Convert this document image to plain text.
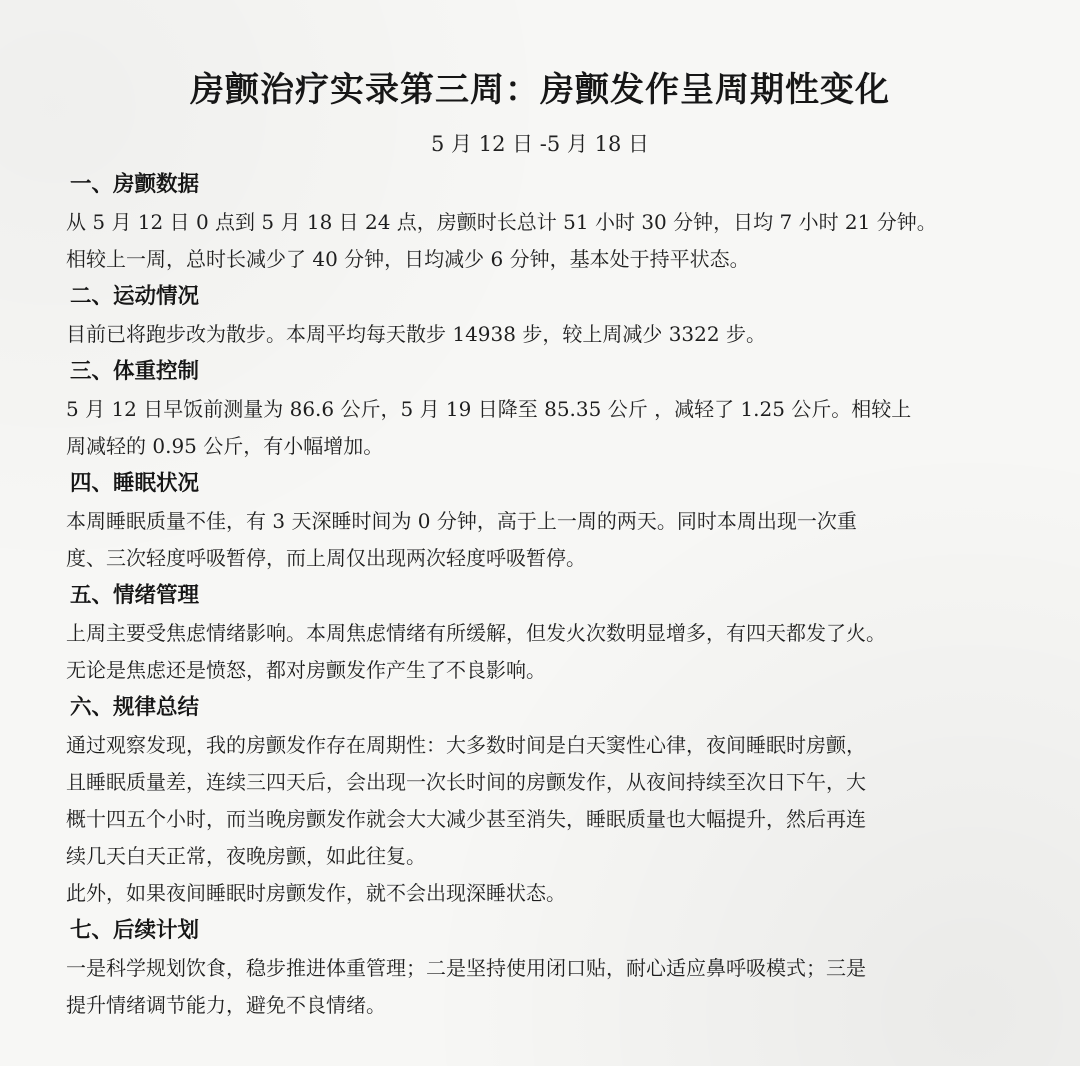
房颤治疗实录第三周：房颤发作呈周期性变化
5 月 12 日 -5 月 18 日
一、房颤数据
从 5 月 12 日 0 点到 5 月 18 日 24 点，房颤时长总计 51 小时 30 分钟，日均 7 小时 21 分钟。
相较上一周，总时长减少了 40 分钟，日均减少 6 分钟，基本处于持平状态。
二、运动情况
目前已将跑步改为散步。本周平均每天散步 14938 步，较上周减少 3322 步。
三、体重控制
5 月 12 日早饭前测量为 86.6 公斤，5 月 19 日降至 85.35 公斤 ，减轻了 1.25 公斤。相较上
周减轻的 0.95 公斤，有小幅增加。
四、睡眠状况
本周睡眠质量不佳，有 3 天深睡时间为 0 分钟，高于上一周的两天。同时本周出现一次重
度、三次轻度呼吸暂停，而上周仅出现两次轻度呼吸暂停。
五、情绪管理
上周主要受焦虑情绪影响。本周焦虑情绪有所缓解，但发火次数明显增多，有四天都发了火。
无论是焦虑还是愤怒，都对房颤发作产生了不良影响。
六、规律总结
通过观察发现，我的房颤发作存在周期性：大多数时间是白天窦性心律，夜间睡眠时房颤，
且睡眠质量差，连续三四天后，会出现一次长时间的房颤发作，从夜间持续至次日下午，大
概十四五个小时，而当晚房颤发作就会大大减少甚至消失，睡眠质量也大幅提升，然后再连
续几天白天正常，夜晚房颤，如此往复。
此外，如果夜间睡眠时房颤发作，就不会出现深睡状态。
七、后续计划
一是科学规划饮食，稳步推进体重管理；二是坚持使用闭口贴，耐心适应鼻呼吸模式；三是
提升情绪调节能力，避免不良情绪。
